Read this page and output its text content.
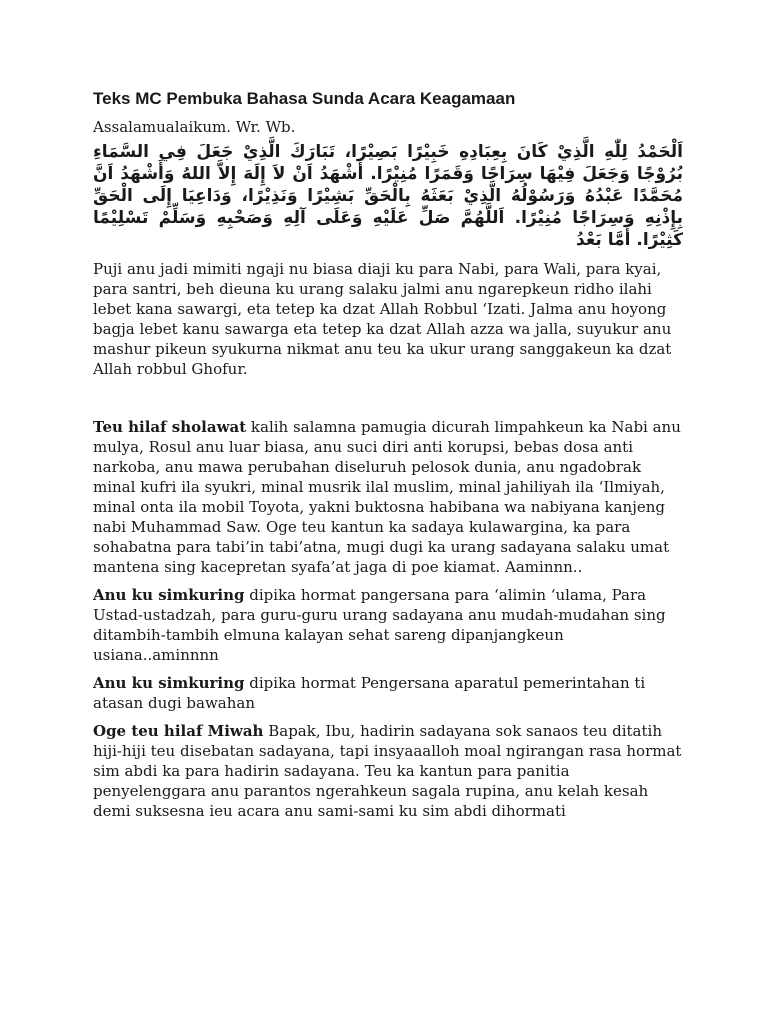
Teks MC Pembuka Bahasa Sunda Acara Keagamaan

Assalamualaikum. Wr. Wb.

اَلْحَمْدُ لِلّٰهِ الَّذِيْ كَانَ بِعِبَادِهِ خَبِيْرًا بَصِيْرًا، تَبَارَكَ الَّذِيْ جَعَلَ فِي السَّمَاءِ بُرُوْجًا وَجَعَلَ فِيْهَا سِرَاجًا وَقَمَرًا مُنِيْرًا. أَشْهَدُ اَنْ لاَ إِلَهَ إِلاَّ اللهُ وَأَشْهَدُ اَنَّ مُحَمَّدًا عَبْدُهُ وَرَسُوْلُهُ الَّذِيْ بَعَثَهُ بِالْحَقِّ بَشِيْرًا وَنَذِيْرًا، وَدَاعِيَا إِلَى الْحَقِّ بِإِذْنِهِ وَسِرَاجًا مُنِيْرًا. اَللَّهُمَّ صَلِّ عَلَيْهِ وَعَلَى آلِهِ وَصَحْبِهِ وَسَلِّمْ تَسْلِيْمًا كَثِيْرًا. أَمَّا بَعْدُ

Puji anu jadi mimiti ngaji nu biasa diaji ku para Nabi, para Wali, para kyai, para santri, beh dieuna ku urang salaku jalmi anu ngarepkeun ridho ilahi lebet kana sawargi, eta tetep ka dzat Allah Robbul ‘Izati. Jalma anu hoyong bagja lebet kanu sawarga eta tetep ka dzat Allah azza wa jalla, suyukur anu mashur pikeun syukurna nikmat anu teu ka ukur urang sanggakeun ka dzat Allah robbul Ghofur.

Teu hilaf sholawat kalih salamna pamugia dicurah limpahkeun ka Nabi anu mulya, Rosul anu luar biasa, anu suci diri anti korupsi, bebas dosa anti narkoba, anu mawa perubahan diseluruh pelosok dunia, anu ngadobrak minal kufri ila syukri, minal musrik ilal muslim, minal jahiliyah ila ‘Ilmiyah, minal onta ila mobil Toyota, yakni buktosna habibana wa nabiyana kanjeng nabi Muhammad Saw. Oge teu kantun ka sadaya kulawargina, ka para sohabatna para tabi’in tabi’atna, mugi dugi ka urang sadayana salaku umat mantena sing kacepretan syafa’at jaga di poe kiamat. Aaminnn..

Anu ku simkuring dipika hormat pangersana para ‘alimin ‘ulama, Para Ustad-ustadzah, para guru-guru urang sadayana anu mudah-mudahan sing ditambih-tambih elmuna kalayan sehat sareng dipanjangkeun usiana..aminnnn

Anu ku simkuring dipika hormat Pengersana aparatul pemerintahan ti atasan dugi bawahan

Oge teu hilaf Miwah Bapak, Ibu, hadirin sadayana sok sanaos teu ditatih hiji-hiji teu disebatan sadayana, tapi insyaaalloh moal ngirangan rasa hormat sim abdi ka para hadirin sadayana. Teu ka kantun para panitia penyelenggara anu parantos ngerahkeun sagala rupina, anu kelah kesah demi suksesna ieu acara anu sami-sami ku sim abdi dihormati
